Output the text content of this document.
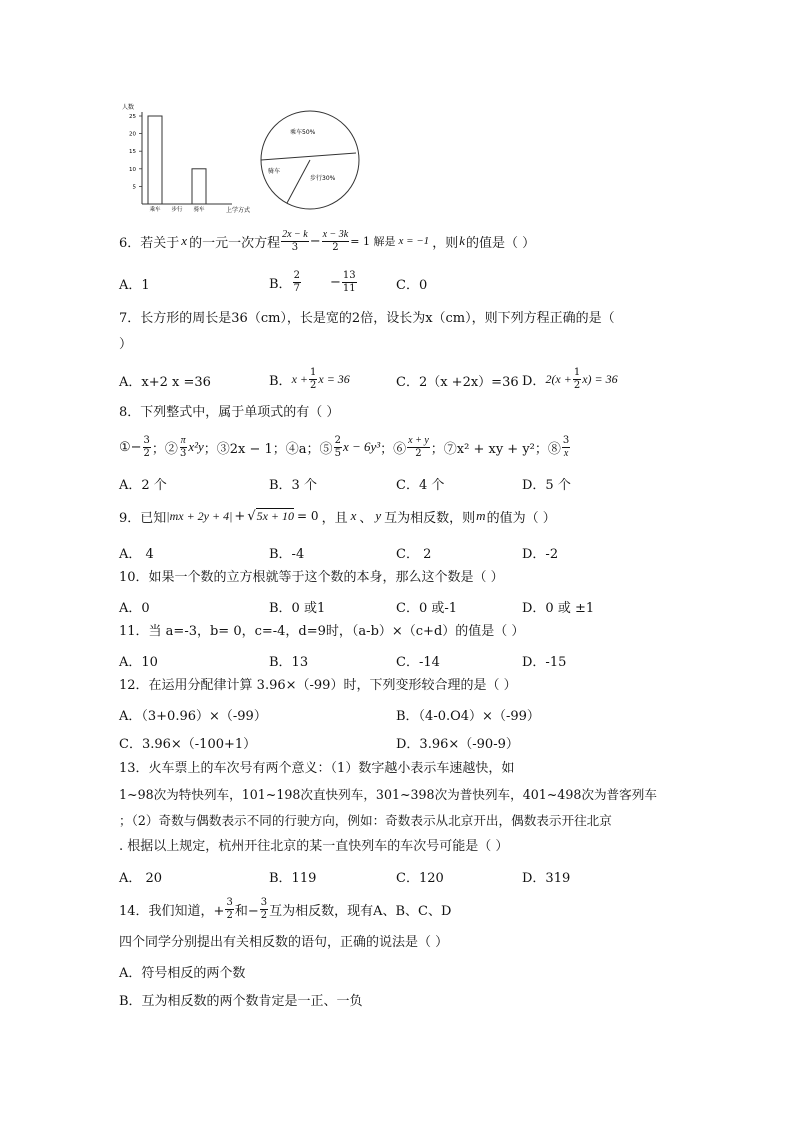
5
10
15
20
25
乘车 步行 骑车
人数
上学方式
乘车50%
骑车
步行30%
6．若关于 x 的一元一次方程 $\frac{2x - k}{3} - \frac{x - 3k}{2} = 1$ 解是 x = −1 ，则 k 的值是（ ）
A．1	B． $\frac{2}{7} - \frac{13}{11}$	C．0
7．长方形的周长是36（cm），长是宽的2倍，设长为x（cm），则下列方程正确的是（
）
A．x+2 x =36	B． $x + \frac{1}{2}$ x = 36	C．2（x +2x）=36 D． $2(x + \frac{1}{2} x) = 36$
8．下列整式中，属于单项式的有（ ）
①− $\frac{3}{2}$ ；② $\frac{\pi}{3} x^2y$ ；③2x − 1 ；④a ；⑤ $\frac{2}{5}$ x − 6y³ ；⑥ $\frac{x + y}{2}$ ；⑦x² + xy + y² ；⑧ $\frac{3}{x}$
A．2 个	B．3 个	C．4 个	D．5 个
9．已知 |mx + 2y + 4| + √ 5x + 10 = 0 ，且 x 、 y 互为相反数，则 m 的值为（ ）
A． 4	B．-4	C． 2	D．-2
10．如果一个数的立方根就等于这个数的本身，那么这个数是（ ）
A．0	B．0 或1	C．0 或-1	D．0 或 ±1
11．当 a=-3，b= 0，c=-4，d=9时，（a-b）×（c+d）的值是（ ）
A．10	B．13	C．-14	D．-15
12．在运用分配律计算 3.96×（-99）时，下列变形较合理的是（ ）
A．（3+0.96）×（-99）	B．（4-0.O4）×（-99）
C．3.96×（-100+1）	D．3.96×（-90-9）
13．火车票上的车次号有两个意义：（1）数字越小表示车速越快，如
1~98次为特快列车，101~198次直快列车，301~398次为普快列车，401~498次为普客列车
；（2）奇数与偶数表示不同的行驶方向，例如：奇数表示从北京开出，偶数表示开往北京
. 根据以上规定，杭州开往北京的某一直快列车的车次号可能是（ ）
A． 20	B．119	C．120	D．319
14．我们知道，+ $\frac{3}{2}$ 和− $\frac{3}{2}$ 互为相反数，现有A、B、C、D
四个同学分别提出有关相反数的语句，正确的说法是（ ）
A．符号相反的两个数
B．互为相反数的两个数肯定是一正、一负
